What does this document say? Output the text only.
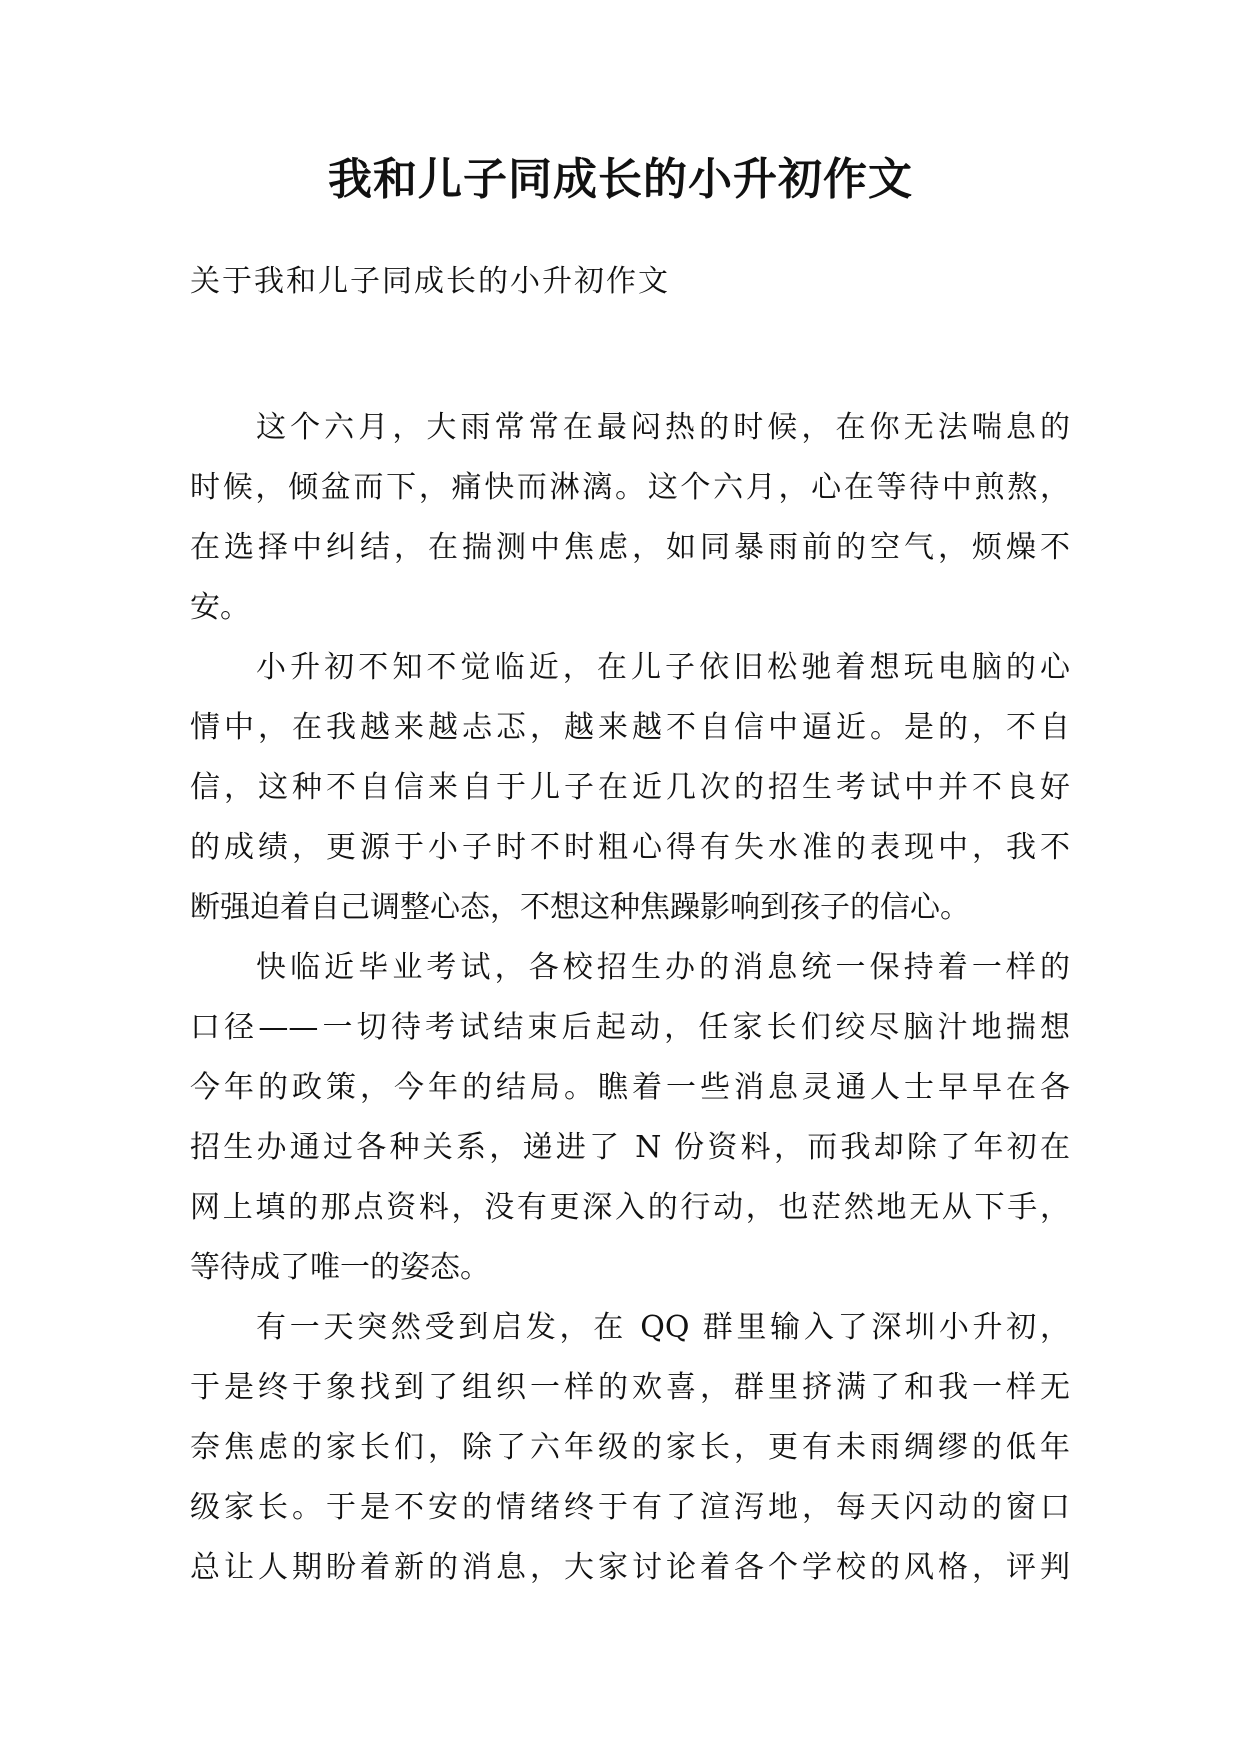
我和儿子同成长的小升初作文
关于我和儿子同成长的小升初作文
这个六月，大雨常常在最闷热的时候，在你无法喘息的
时候，倾盆而下，痛快而淋漓。这个六月，心在等待中煎熬，
在选择中纠结，在揣测中焦虑，如同暴雨前的空气，烦燥不
安。
小升初不知不觉临近，在儿子依旧松驰着想玩电脑的心
情中，在我越来越忐忑，越来越不自信中逼近。是的，不自
信，这种不自信来自于儿子在近几次的招生考试中并不良好
的成绩，更源于小子时不时粗心得有失水准的表现中，我不
断强迫着自己调整心态，不想这种焦躁影响到孩子的信心。
快临近毕业考试，各校招生办的消息统一保持着一样的
口径——一切待考试结束后起动，任家长们绞尽脑汁地揣想
今年的政策，今年的结局。瞧着一些消息灵通人士早早在各
招生办通过各种关系，递进了 N 份资料，而我却除了年初在
网上填的那点资料，没有更深入的行动，也茫然地无从下手，
等待成了唯一的姿态。
有一天突然受到启发，在 QQ 群里输入了深圳小升初，
于是终于象找到了组织一样的欢喜，群里挤满了和我一样无
奈焦虑的家长们，除了六年级的家长，更有未雨绸缪的低年
级家长。于是不安的情绪终于有了渲泻地，每天闪动的窗口
总让人期盼着新的消息，大家讨论着各个学校的风格，评判
